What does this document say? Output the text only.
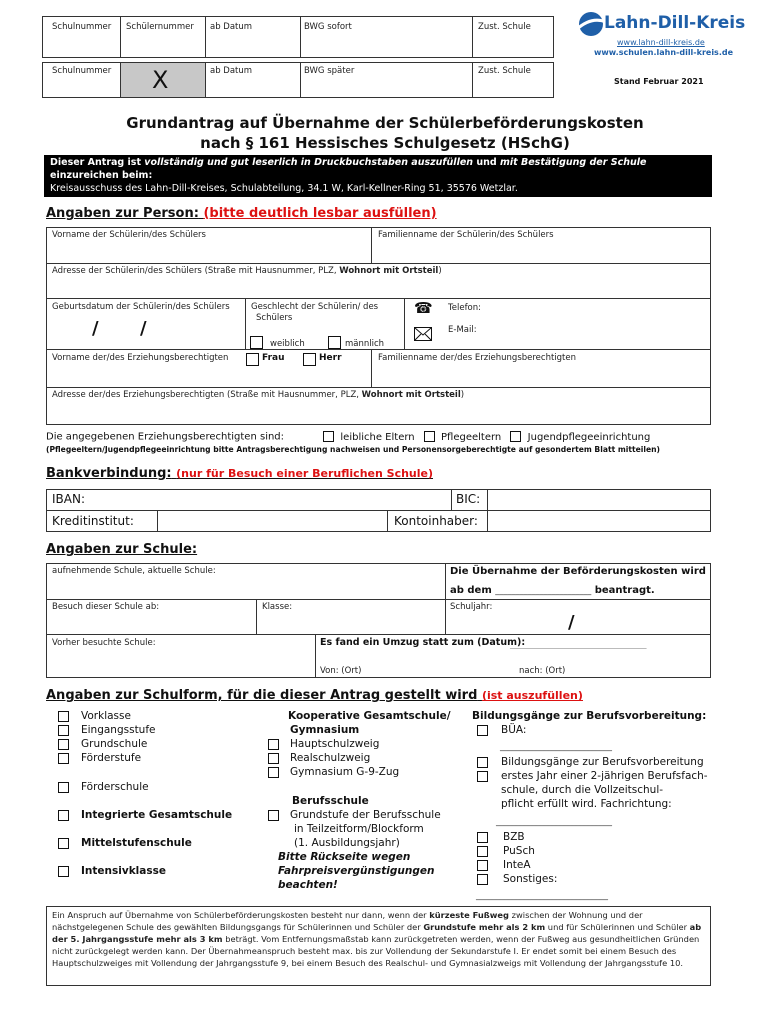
Schulnummer Schülernummer ab Datum	BWG sofort	Zust. Schule
Schulnummer X	ab Datum	BWG später	Zust. Schule
Lahn-Dill-Kreis
www.lahn-dill-kreis.de
www.schulen.lahn-dill-kreis.de
Stand Februar 2021
Grundantrag auf Übernahme der Schülerbeförderungskosten
nach § 161 Hessisches Schulgesetz (HSchG)
Dieser Antrag ist vollständig und gut leserlich in Druckbuchstaben auszufüllen und mit Bestätigung der Schule
einzureichen beim:
Kreisausschuss des Lahn-Dill-Kreises, Schulabteilung, 34.1 W, Karl-Kellner-Ring 51, 35576 Wetzlar.
Angaben zur Person: (bitte deutlich lesbar ausfüllen)
Vorname der Schülerin/des Schülers	Familienname der Schülerin/des Schülers
Adresse der Schülerin/des Schülers (Straße mit Hausnummer, PLZ, Wohnort mit Ortsteil)
Geburtsdatum der Schülerin/des Schülers
/ /
Geschlecht der Schülerin/ des
Schülers
weiblich	männlich
☎ Telefon:
E-Mail:
Vorname der/des Erziehungsberechtigten	Frau	Herr	Familienname der/des Erziehungsberechtigten
Adresse der/des Erziehungsberechtigten (Straße mit Hausnummer, PLZ, Wohnort mit Ortsteil)
Die angegebenen Erziehungsberechtigten sind:	leibliche Eltern	Pflegeeltern	Jugendpflegeeinrichtung
(Pflegeeltern/Jugendpflegeeinrichtung bitte Antragsberechtigung nachweisen und Personensorgeberechtigte auf gesondertem Blatt mitteilen)
Bankverbindung: (nur für Besuch einer Beruflichen Schule)
IBAN:	BIC:
Kreditinstitut:	Kontoinhaber:
Angaben zur Schule:
aufnehmende Schule, aktuelle Schule:	Die Übernahme der Beförderungskosten wird
ab dem ________________________ beantragt.
Besuch dieser Schule ab:	Klasse:	Schuljahr:
/
Vorher besuchte Schule:	Es fand ein Umzug statt zum (Datum):
_______________________________________
Von: (Ort)	nach: (Ort)
Angaben zur Schulform, für die dieser Antrag gestellt wird (ist auszufüllen)
Vorklasse
Eingangsstufe
Grundschule
Förderstufe
Förderschule
Integrierte Gesamtschule
Mittelstufenschule
Intensivklasse
Kooperative Gesamtschule/
Gymnasium
Hauptschulzweig
Realschulzweig
Gymnasium G-9-Zug
Berufsschule
Grundstufe der Berufsschule
in Teilzeitform/Blockform
(1. Ausbildungsjahr)
Bitte Rückseite wegen
Fahrpreisvergünstigungen
beachten!
Bildungsgänge zur Berufsvorbereitung:
BÜA:
____________________________
Bildungsgänge zur Berufsvorbereitung
erstes Jahr einer 2-jährigen Berufsfach-
schule, durch die Vollzeitschul-
pflicht erfüllt wird. Fachrichtung:
_____________________________
BZB
PuSch
InteA
Sonstiges:
_________________________________
Ein Anspruch auf Übernahme von Schülerbeförderungskosten besteht nur dann, wenn der kürzeste Fußweg zwischen der Wohnung und der nächstgelegenen Schule des gewählten Bildungsgangs für Schülerinnen und Schüler der Grundstufe mehr als 2 km und für Schülerinnen und Schüler ab der 5. Jahrgangsstufe mehr als 3 km beträgt. Vom Entfernungsmaßstab kann zurückgetreten werden, wenn der Fußweg aus gesundheitlichen Gründen nicht zurückgelegt werden kann. Der Übernahmeanspruch besteht max. bis zur Vollendung der Sekundarstufe I. Er endet somit bei einem Besuch des Hauptschulzweiges mit Vollendung der Jahrgangsstufe 9, bei einem Besuch des Realschul- und Gymnasialzweigs mit Vollendung der Jahrgangsstufe 10.
